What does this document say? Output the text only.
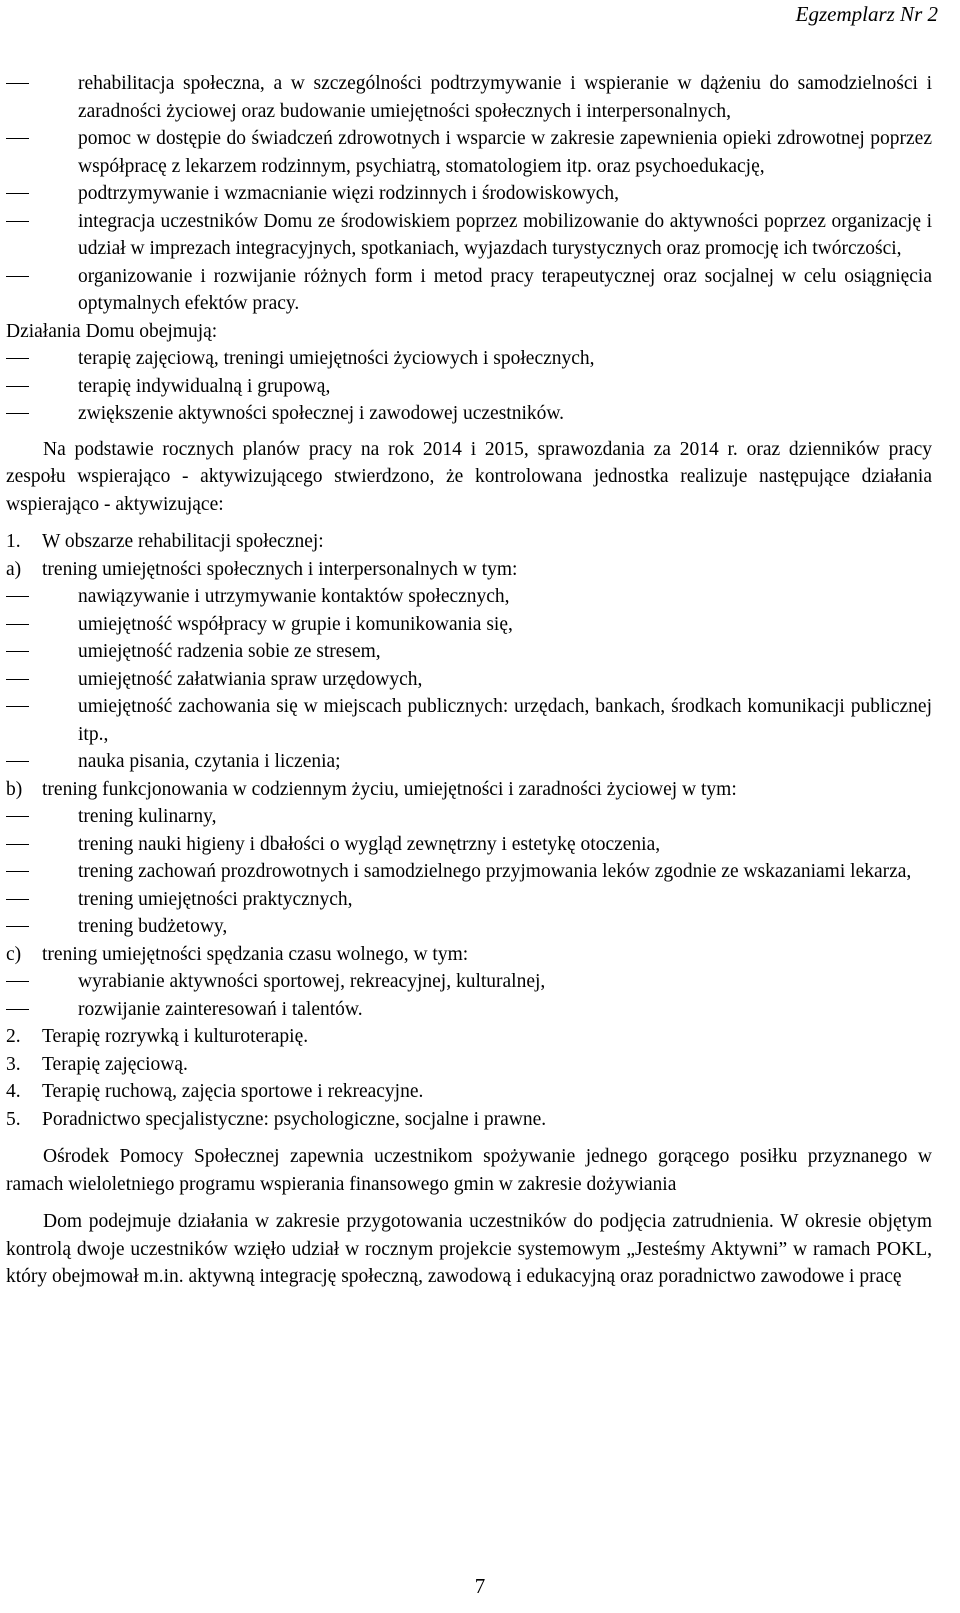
Egzemplarz Nr 2
rehabilitacja społeczna, a w szczególności podtrzymywanie i wspieranie w dążeniu do samodzielności i zaradności życiowej oraz budowanie umiejętności społecznych i interpersonalnych,
pomoc w dostępie do świadczeń zdrowotnych i wsparcie w zakresie zapewnienia opieki zdrowotnej poprzez współpracę z lekarzem rodzinnym, psychiatrą, stomatologiem itp. oraz psychoedukację,
podtrzymywanie i wzmacnianie więzi rodzinnych i środowiskowych,
integracja uczestników Domu ze środowiskiem poprzez mobilizowanie do aktywności poprzez organizację i udział w imprezach integracyjnych, spotkaniach, wyjazdach turystycznych oraz promocję ich twórczości,
organizowanie i rozwijanie różnych form i metod pracy terapeutycznej oraz socjalnej w celu osiągnięcia optymalnych efektów pracy.
Działania Domu obejmują:
terapię zajęciową, treningi umiejętności życiowych i społecznych,
terapię indywidualną i grupową,
zwiększenie aktywności społecznej i zawodowej uczestników.
Na podstawie rocznych planów pracy na rok 2014 i 2015, sprawozdania za 2014 r. oraz dzienników pracy zespołu wspierająco - aktywizującego stwierdzono, że kontrolowana jednostka realizuje następujące działania wspierająco - aktywizujące:
1. W obszarze rehabilitacji społecznej:
a) trening umiejętności społecznych i interpersonalnych w tym:
nawiązywanie i utrzymywanie kontaktów społecznych,
umiejętność współpracy w grupie i komunikowania się,
umiejętność radzenia sobie ze stresem,
umiejętność załatwiania spraw urzędowych,
umiejętność zachowania się w miejscach publicznych: urzędach, bankach, środkach komunikacji publicznej itp.,
nauka pisania, czytania i liczenia;
b) trening funkcjonowania w codziennym życiu, umiejętności i zaradności życiowej w tym:
trening kulinarny,
trening nauki higieny i dbałości o wygląd zewnętrzny i estetykę otoczenia,
trening zachowań prozdrowotnych i samodzielnego przyjmowania leków zgodnie ze wskazaniami lekarza,
trening umiejętności praktycznych,
trening budżetowy,
c) trening umiejętności spędzania czasu wolnego, w tym:
wyrabianie aktywności sportowej, rekreacyjnej, kulturalnej,
rozwijanie zainteresowań i talentów.
2. Terapię rozrywką i kulturoterapię.
3. Terapię zajęciową.
4. Terapię ruchową, zajęcia sportowe i rekreacyjne.
5. Poradnictwo specjalistyczne: psychologiczne, socjalne i prawne.
Ośrodek Pomocy Społecznej zapewnia uczestnikom spożywanie jednego gorącego posiłku przyznanego w ramach wieloletniego programu wspierania finansowego gmin w zakresie dożywiania
Dom podejmuje działania w zakresie przygotowania uczestników do podjęcia zatrudnienia. W okresie objętym kontrolą dwoje uczestników wzięło udział w rocznym projekcie systemowym „Jesteśmy Aktywni” w ramach POKL, który obejmował m.in. aktywną integrację społeczną, zawodową i edukacyjną oraz poradnictwo zawodowe i pracę
7
